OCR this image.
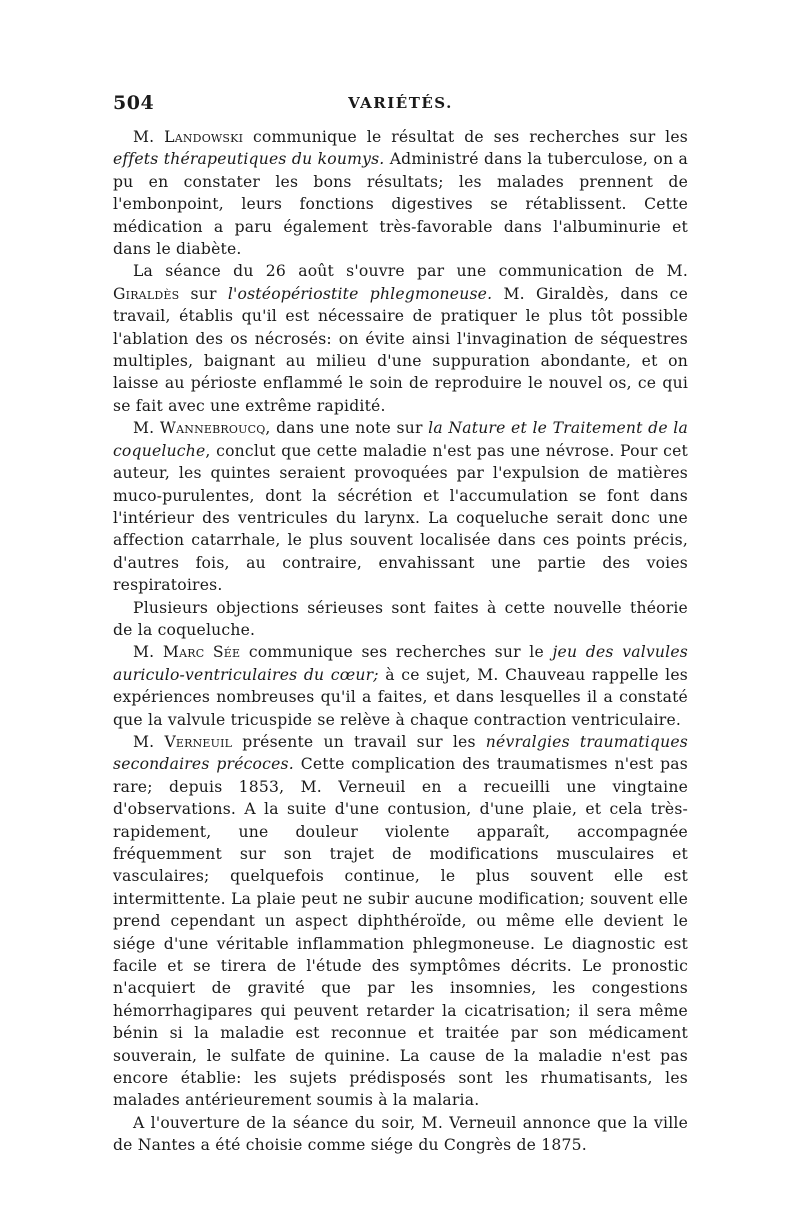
504	VARIÉTÉS.

M. Landowski communique le résultat de ses recherches sur les effets thérapeutiques du koumys. Administré dans la tuberculose, on a pu en constater les bons résultats; les malades prennent de l'embonpoint, leurs fonctions digestives se rétablissent. Cette médication a paru également très-favorable dans l'albuminurie et dans le diabète.

La séance du 26 août s'ouvre par une communication de M. Giraldès sur l'ostéopériostite phlegmoneuse. M. Giraldès, dans ce travail, établis qu'il est nécessaire de pratiquer le plus tôt possible l'ablation des os nécrosés: on évite ainsi l'invagination de séquestres multiples, baignant au milieu d'une suppuration abondante, et on laisse au périoste enflammé le soin de reproduire le nouvel os, ce qui se fait avec une extrême rapidité.

M. Wannebroucq, dans une note sur la Nature et le Traitement de la coqueluche, conclut que cette maladie n'est pas une névrose. Pour cet auteur, les quintes seraient provoquées par l'expulsion de matières muco-purulentes, dont la sécrétion et l'accumulation se font dans l'intérieur des ventricules du larynx. La coqueluche serait donc une affection catarrhale, le plus souvent localisée dans ces points précis, d'autres fois, au contraire, envahissant une partie des voies respiratoires.

Plusieurs objections sérieuses sont faites à cette nouvelle théorie de la coqueluche.

M. Marc Sée communique ses recherches sur le jeu des valvules auriculo-ventriculaires du cœur; à ce sujet, M. Chauveau rappelle les expériences nombreuses qu'il a faites, et dans lesquelles il a constaté que la valvule tricuspide se relève à chaque contraction ventriculaire.

M. Verneuil présente un travail sur les névralgies traumatiques secondaires précoces. Cette complication des traumatismes n'est pas rare; depuis 1853, M. Verneuil en a recueilli une vingtaine d'observations. A la suite d'une contusion, d'une plaie, et cela très-rapidement, une douleur violente apparaît, accompagnée fréquemment sur son trajet de modifications musculaires et vasculaires; quelquefois continue, le plus souvent elle est intermittente. La plaie peut ne subir aucune modification; souvent elle prend cependant un aspect diphthéroïde, ou même elle devient le siége d'une véritable inflammation phlegmoneuse. Le diagnostic est facile et se tirera de l'étude des symptômes décrits. Le pronostic n'acquiert de gravité que par les insomnies, les congestions hémorrhagipares qui peuvent retarder la cicatrisation; il sera même bénin si la maladie est reconnue et traitée par son médicament souverain, le sulfate de quinine. La cause de la maladie n'est pas encore établie: les sujets prédisposés sont les rhumatisants, les malades antérieurement soumis à la malaria.

A l'ouverture de la séance du soir, M. Verneuil annonce que la ville de Nantes a été choisie comme siége du Congrès de 1875.
